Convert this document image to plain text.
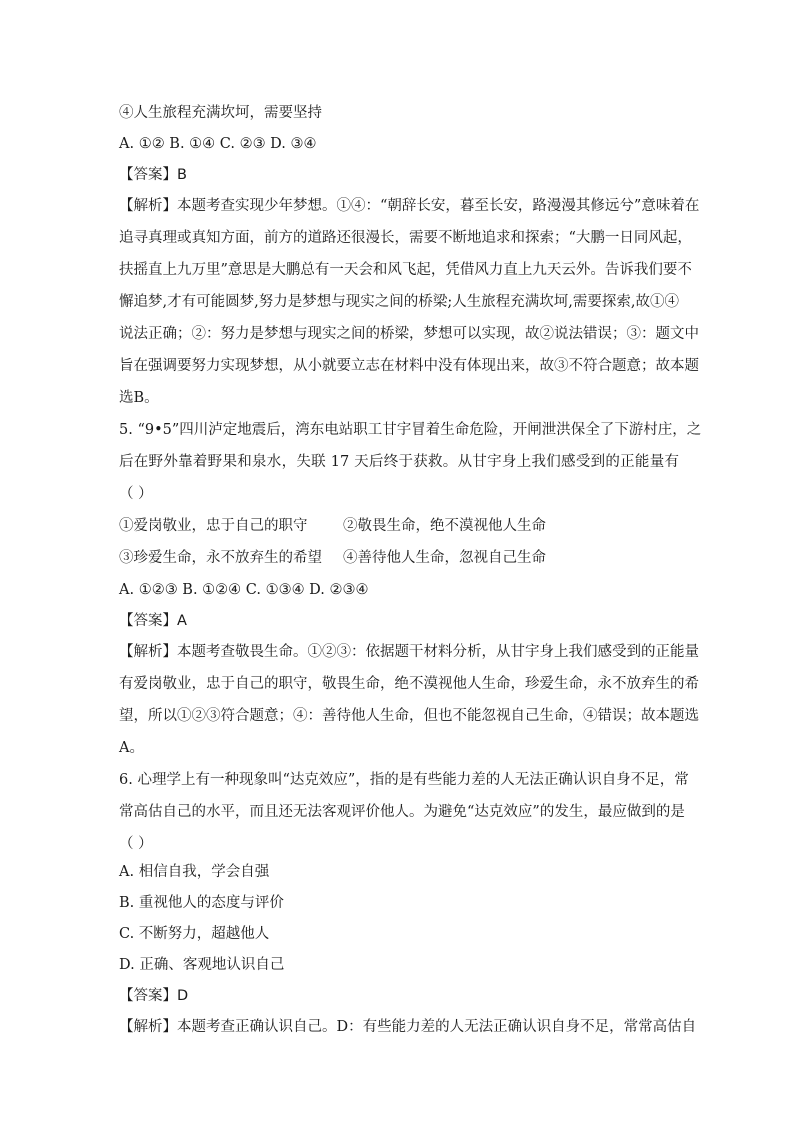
④人生旅程充满坎坷，需要坚持
A. ①② B. ①④ C. ②③ D. ③④
【答案】B
【解析】本题考查实现少年梦想。①④：“朝辞长安，暮至长安，路漫漫其修远兮”意味着在
追寻真理或真知方面，前方的道路还很漫长，需要不断地追求和探索；“大鹏一日同风起，
扶摇直上九万里”意思是大鹏总有一天会和风飞起，凭借风力直上九天云外。告诉我们要不
懈追梦,才有可能圆梦,努力是梦想与现实之间的桥梁;人生旅程充满坎坷,需要探索,故①④
说法正确；②：努力是梦想与现实之间的桥梁，梦想可以实现，故②说法错误；③：题文中
旨在强调要努力实现梦想，从小就要立志在材料中没有体现出来，故③不符合题意；故本题
选B。
5. “9•5”四川泸定地震后，湾东电站职工甘宇冒着生命危险，开闸泄洪保全了下游村庄，之
后在野外靠着野果和泉水，失联 17 天后终于获救。从甘宇身上我们感受到的正能量有
（ ）
A. ①②③ B. ①②④ C. ①③④ D. ②③④
【答案】A
【解析】本题考查敬畏生命。①②③：依据题干材料分析，从甘宇身上我们感受到的正能量
有爱岗敬业，忠于自己的职守，敬畏生命，绝不漠视他人生命，珍爱生命，永不放弃生的希
望，所以①②③符合题意；④：善待他人生命，但也不能忽视自己生命，④错误；故本题选
A。
6. 心理学上有一种现象叫“达克效应”，指的是有些能力差的人无法正确认识自身不足，常
常高估自己的水平，而且还无法客观评价他人。为避免“达克效应”的发生，最应做到的是
（ ）
A. 相信自我，学会自强
B. 重视他人的态度与评价
C. 不断努力，超越他人
D. 正确、客观地认识自己
【答案】D
【解析】本题考查正确认识自己。D：有些能力差的人无法正确认识自身不足，常常高估自
①爱岗敬业，忠于自己的职守	②敬畏生命，绝不漠视他人生命
③珍爱生命，永不放弃生的希望	④善待他人生命，忽视自己生命
